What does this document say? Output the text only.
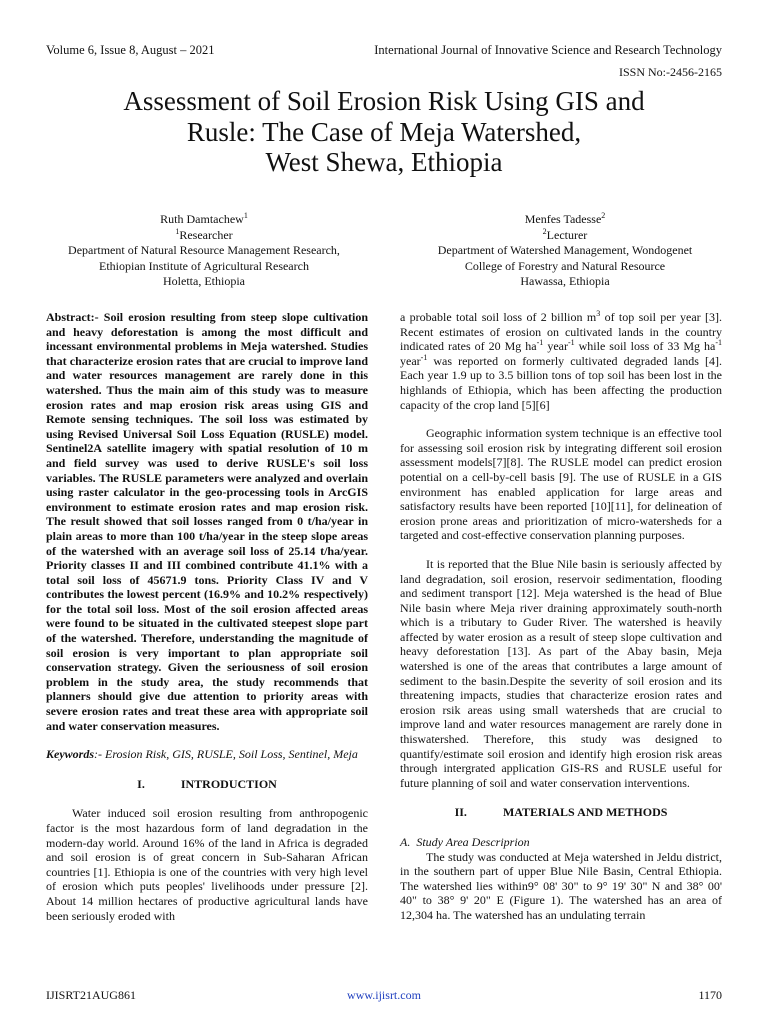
Volume 6, Issue 8, August – 2021	International Journal of Innovative Science and Research Technology
ISSN No:-2456-2165
Assessment of Soil Erosion Risk Using GIS and
Rusle: The Case of Meja Watershed,
West Shewa, Ethiopia
Ruth Damtachew$^1$
$^1$Researcher
Department of Natural Resource Management Research,
Ethiopian Institute of Agricultural Research
Holetta, Ethiopia
Menfes Tadesse$^2$
$^2$Lecturer
Department of Watershed Management, Wondogenet
College of Forestry and Natural Resource
Hawassa, Ethiopia

Abstract:- Soil erosion resulting from steep slope cultivation and heavy deforestation is among the most difficult and incessant environmental problems in Meja watershed. Studies that characterize erosion rates that are crucial to improve land and water resources management are rarely done in this watershed. Thus the main aim of this study was to measure erosion rates and map erosion risk areas using GIS and Remote sensing techniques. The soil loss was estimated by using Revised Universal Soil Loss Equation (RUSLE) model. Sentinel2A satellite imagery with spatial resolution of 10 m and field survey was used to derive RUSLE's soil loss variables. The RUSLE parameters were analyzed and overlain using raster calculator in the geo-processing tools in ArcGIS environment to estimate erosion rates and map erosion risk. The result showed that soil losses ranged from 0 t/ha/year in plain areas to more than 100 t/ha/year in the steep slope areas of the watershed with an average soil loss of 25.14 t/ha/year. Priority classes II and III combined contribute 41.1% with a total soil loss of 45671.9 tons. Priority Class IV and V contributes the lowest percent (16.9% and 10.2% respectively) for the total soil loss. Most of the soil erosion affected areas were found to be situated in the cultivated steepest slope part of the watershed. Therefore, understanding the magnitude of soil erosion is very important to plan appropriate soil conservation strategy. Given the seriousness of soil erosion problem in the study area, the study recommends that planners should give due attention to priority areas with severe erosion rates and treat these area with appropriate soil and water conservation measures.

Keywords:- Erosion Risk, GIS, RUSLE, Soil Loss, Sentinel, Meja

I.	INTRODUCTION

Water induced soil erosion resulting from anthropogenic factor is the most hazardous form of land degradation in the modern-day world. Around 16% of the land in Africa is degraded and soil erosion is of great concern in Sub-Saharan African countries [1]. Ethiopia is one of the countries with very high level of erosion which puts peoples' livelihoods under pressure [2]. About 14 million hectares of productive agricultural lands have been seriously eroded with

a probable total soil loss of 2 billion $m^3$ of top soil per year [3]. Recent estimates of erosion on cultivated lands in the country indicated rates of 20 Mg $ha^{-1}$ year$^{-1}$ while soil loss of 33 Mg $ha^{-1}$ year$^{-1}$ was reported on formerly cultivated degraded lands [4]. Each year 1.9 up to 3.5 billion tons of top soil has been lost in the highlands of Ethiopia, which has been affecting the production capacity of the crop land [5][6]

Geographic information system technique is an effective tool for assessing soil erosion risk by integrating different soil erosion assessment models[7][8]. The RUSLE model can predict erosion potential on a cell-by-cell basis [9]. The use of RUSLE in a GIS environment has enabled application for large areas and satisfactory results have been reported [10][11], for delineation of erosion prone areas and prioritization of micro-watersheds for a targeted and cost-effective conservation planning purposes.

It is reported that the Blue Nile basin is seriously affected by land degradation, soil erosion, reservoir sedimentation, flooding and sediment transport [12]. Meja watershed is the head of Blue Nile basin where Meja river draining approximately south-north which is a tributary to Guder River. The watershed is heavily affected by water erosion as a result of steep slope cultivation and heavy deforestation [13]. As part of the Abay basin, Meja watershed is one of the areas that contributes a large amount of sediment to the basin.Despite the severity of soil erosion and its threatening impacts, studies that characterize erosion rates and erosion rsik areas using small watersheds that are crucial to improve land and water resources management are rarely done in thiswatershed. Therefore, this study was designed to quantify/estimate soil erosion and identify high erosion risk areas through intergrated application GIS-RS and RUSLE useful for future planning of soil and water conservation interventions.

II.	MATERIALS AND METHODS
A. Study Area Descriprion

The study was conducted at Meja watershed in Jeldu district, in the southern part of upper Blue Nile Basin, Central Ethiopia. The watershed lies within9° 08' 30" to 9° 19' 30" N and 38° 00' 40" to 38° 9' 20" E (Figure 1). The watershed has an area of 12,304 ha. The watershed has an undulating terrain

IJISRT21AUG861	www.ijisrt.com	1170
